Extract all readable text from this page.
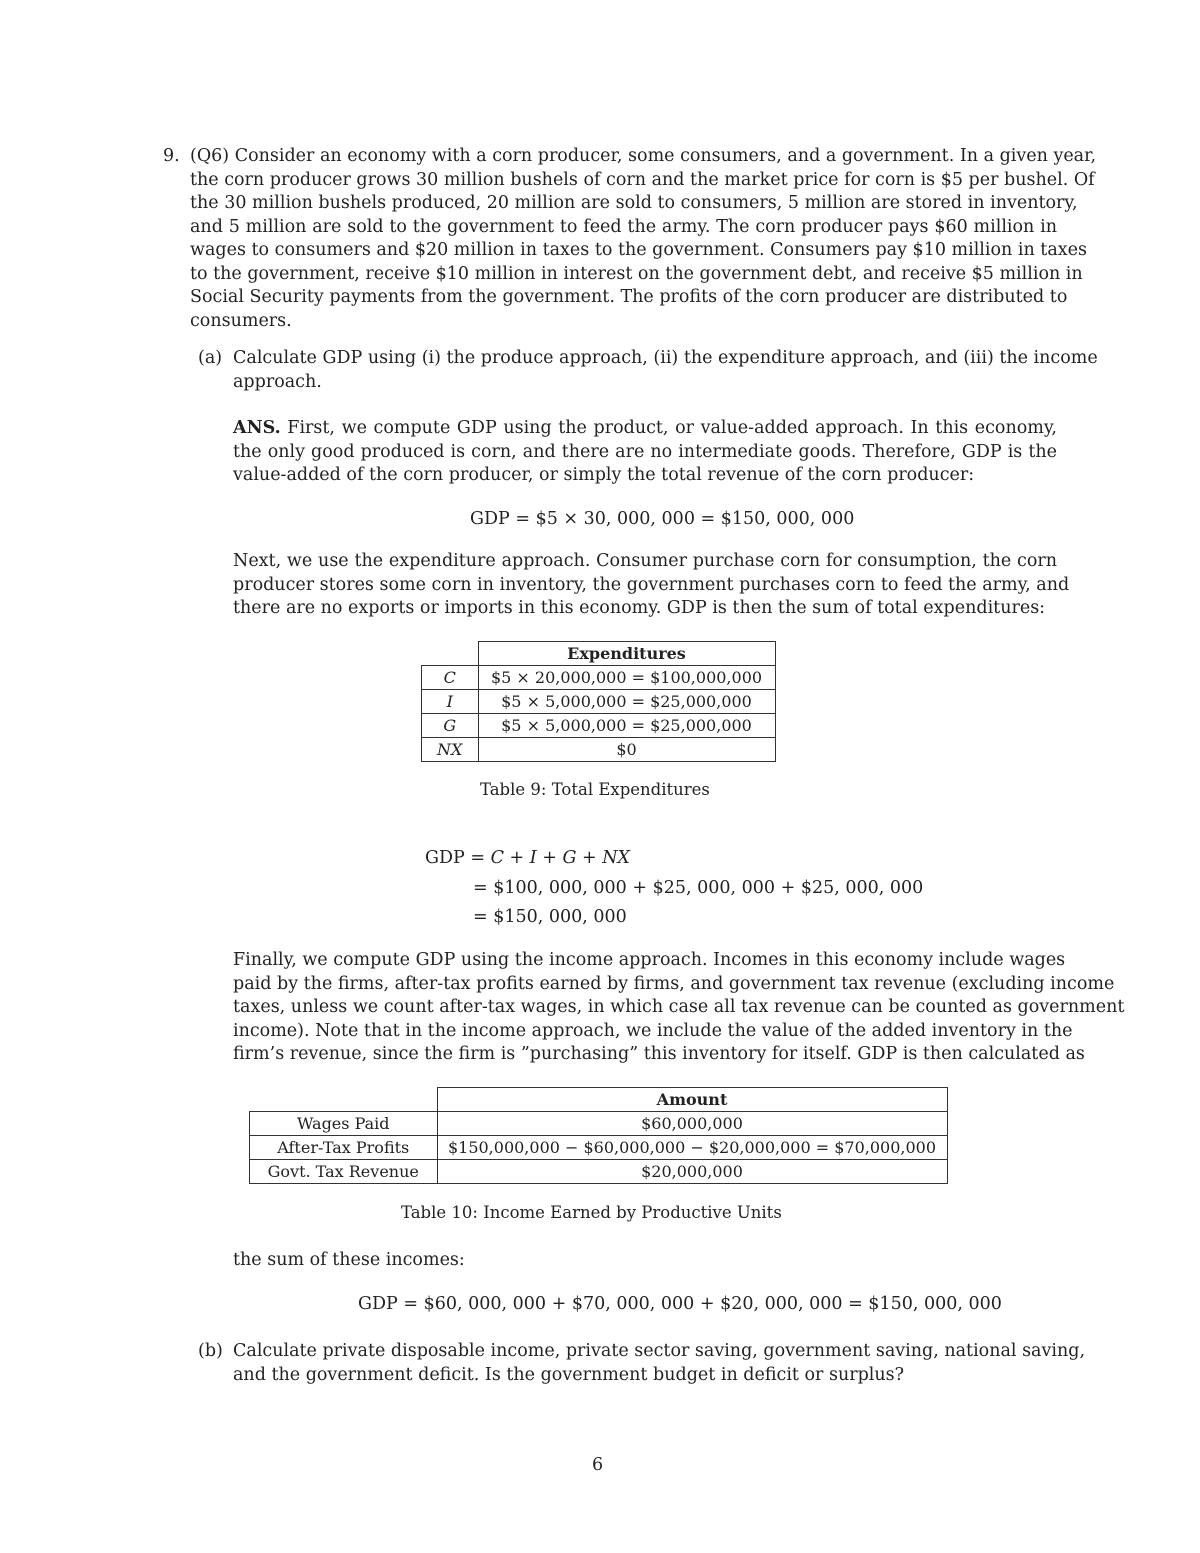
9. (Q6) Consider an economy with a corn producer, some consumers, and a government. In a given year,
the corn producer grows 30 million bushels of corn and the market price for corn is $5 per bushel. Of
the 30 million bushels produced, 20 million are sold to consumers, 5 million are stored in inventory,
and 5 million are sold to the government to feed the army. The corn producer pays $60 million in
wages to consumers and $20 million in taxes to the government. Consumers pay $10 million in taxes
to the government, receive $10 million in interest on the government debt, and receive $5 million in
Social Security payments from the government. The profits of the corn producer are distributed to
consumers.
(a) Calculate GDP using (i) the produce approach, (ii) the expenditure approach, and (iii) the income
approach.
ANS. First, we compute GDP using the product, or value-added approach. In this economy,
the only good produced is corn, and there are no intermediate goods. Therefore, GDP is the
value-added of the corn producer, or simply the total revenue of the corn producer:
GDP = $5 × 30, 000, 000 = $150, 000, 000
Next, we use the expenditure approach. Consumer purchase corn for consumption, the corn
producer stores some corn in inventory, the government purchases corn to feed the army, and
there are no exports or imports in this economy. GDP is then the sum of total expenditures:
	Expenditures
C	$5 × 20,000,000 = $100,000,000
I	$5 × 5,000,000 = $25,000,000
G	$5 × 5,000,000 = $25,000,000
NX	$0
Table 9: Total Expenditures
GDP = C + I + G + NX
= $100, 000, 000 + $25, 000, 000 + $25, 000, 000
= $150, 000, 000
Finally, we compute GDP using the income approach. Incomes in this economy include wages
paid by the firms, after-tax profits earned by firms, and government tax revenue (excluding income
taxes, unless we count after-tax wages, in which case all tax revenue can be counted as government
income). Note that in the income approach, we include the value of the added inventory in the
firm’s revenue, since the firm is ”purchasing” this inventory for itself. GDP is then calculated as
	Amount
Wages Paid	$60,000,000
After-Tax Profits	$150,000,000 − $60,000,000 − $20,000,000 = $70,000,000
Govt. Tax Revenue	$20,000,000
Table 10: Income Earned by Productive Units
the sum of these incomes:
GDP = $60, 000, 000 + $70, 000, 000 + $20, 000, 000 = $150, 000, 000
(b) Calculate private disposable income, private sector saving, government saving, national saving,
and the government deficit. Is the government budget in deficit or surplus?
6
